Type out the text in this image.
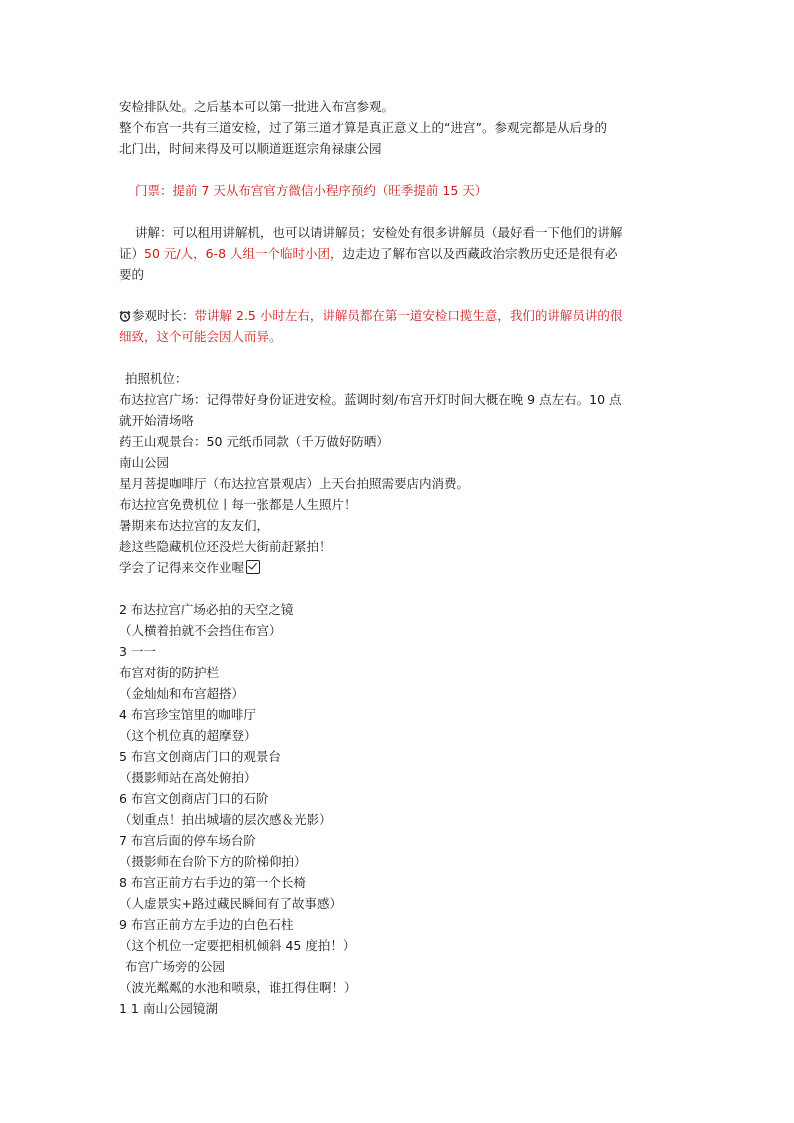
安检排队处。之后基本可以第一批进入布宫参观。
整个布宫一共有三道安检，过了第三道才算是真正意义上的“进宫”。参观完都是从后身的
北门出，时间来得及可以顺道逛逛宗角禄康公园
门票：提前 7 天从布宫官方微信小程序预约（旺季提前 15 天）
讲解：可以租用讲解机，也可以请讲解员；安检处有很多讲解员（最好看一下他们的讲解
证）50 元/人，6-8 人组一个临时小团，边走边了解布宫以及西藏政治宗教历史还是很有必
要的
参观时长：带讲解 2.5 小时左右，讲解员都在第一道安检口揽生意，我们的讲解员讲的很
细致，这个可能会因人而异。
拍照机位：
布达拉宫广场：记得带好身份证进安检。蓝调时刻/布宫开灯时间大概在晚 9 点左右。10 点
就开始清场咯
药王山观景台：50 元纸币同款（千万做好防晒）
南山公园
星月菩提咖啡厅（布达拉宫景观店）上天台拍照需要店内消费。
布达拉宫免费机位丨每一张都是人生照片！
暑期来布达拉宫的友友们，
趁这些隐藏机位还没烂大街前赶紧拍！
学会了记得来交作业喔
2 布达拉宫广场必拍的天空之镜
（人横着拍就不会挡住布宫）
3 一一
布宫对街的防护栏
（金灿灿和布宫超搭）
4 布宫珍宝馆里的咖啡厅
（这个机位真的超摩登）
5 布宫文创商店门口的观景台
（摄影师站在高处俯拍）
6 布宫文创商店门口的石阶
（划重点！拍出城墙的层次感＆光影）
7 布宫后面的停车场台阶
（摄影师在台阶下方的阶梯仰拍）
8 布宫正前方右手边的第一个长椅
（人虚景实+路过藏民瞬间有了故事感）
9 布宫正前方左手边的白色石柱
（这个机位一定要把相机倾斜 45 度拍！）
布宫广场旁的公园
（波光粼粼的水池和喷泉，谁扛得住啊！）
1 1 南山公园镜湖
